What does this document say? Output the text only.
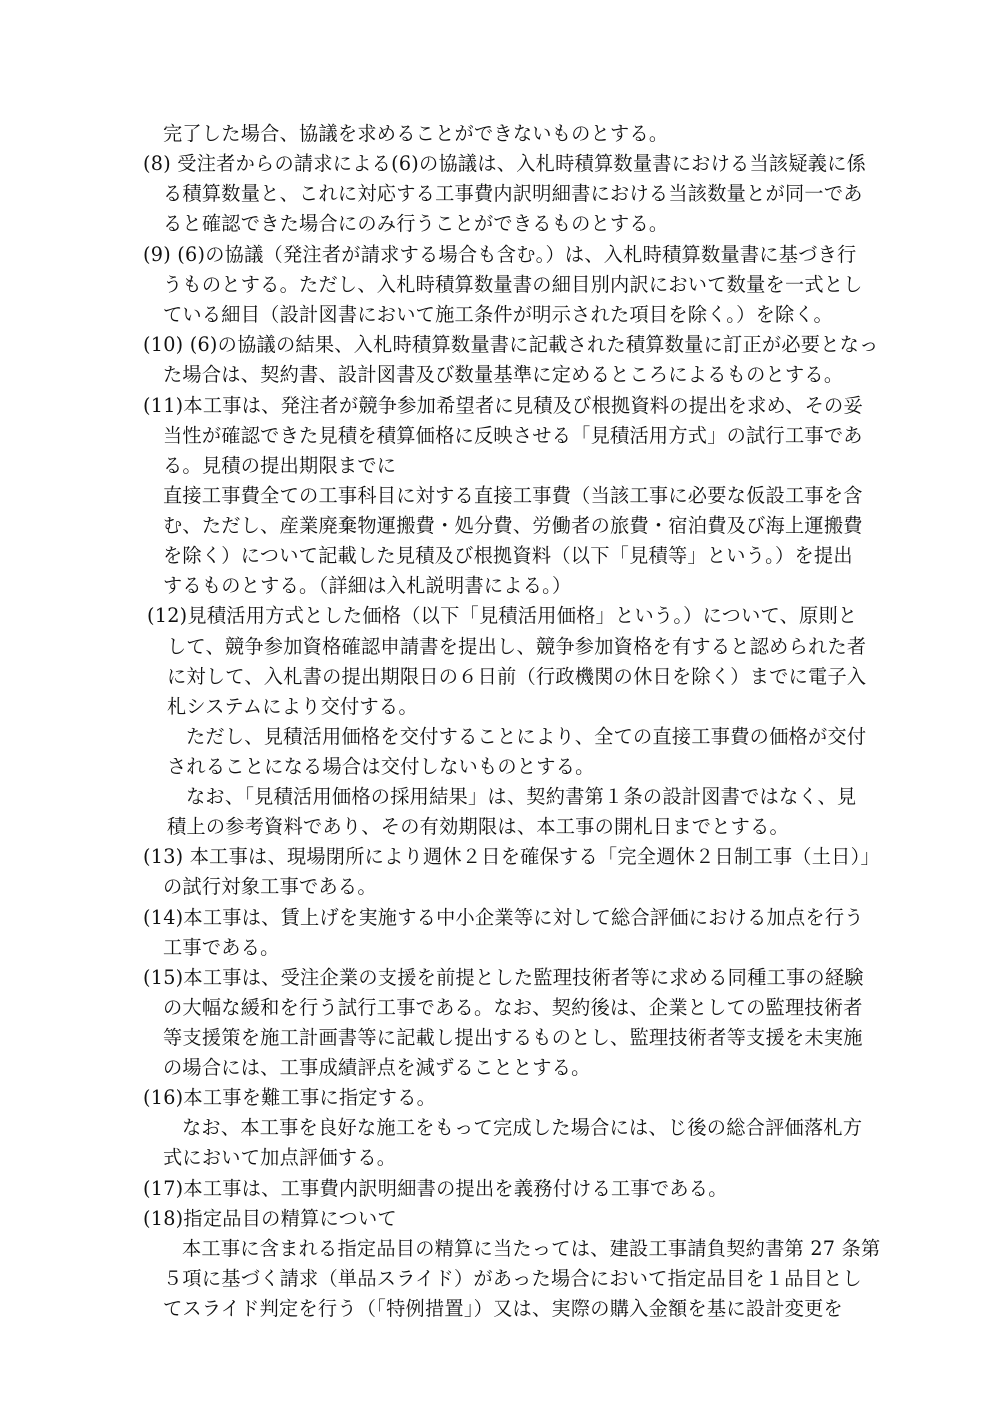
完了した場合、協議を求めることができないものとする。
(8) 受注者からの請求による(6)の協議は、入札時積算数量書における当該疑義に係
る積算数量と、これに対応する工事費内訳明細書における当該数量とが同一であ
ると確認できた場合にのみ行うことができるものとする。
(9) (6)の協議（発注者が請求する場合も含む。）は、入札時積算数量書に基づき行
うものとする。ただし、入札時積算数量書の細目別内訳において数量を一式とし
ている細目（設計図書において施工条件が明示された項目を除く。）を除く。
(10) (6)の協議の結果、入札時積算数量書に記載された積算数量に訂正が必要となっ
た場合は、契約書、設計図書及び数量基準に定めるところによるものとする。
(11)本工事は、発注者が競争参加希望者に見積及び根拠資料の提出を求め、その妥
当性が確認できた見積を積算価格に反映させる「見積活用方式」の試行工事であ
る。見積の提出期限までに
直接工事費全ての工事科目に対する直接工事費（当該工事に必要な仮設工事を含
む、ただし、産業廃棄物運搬費・処分費、労働者の旅費・宿泊費及び海上運搬費
を除く）について記載した見積及び根拠資料（以下「見積等」という。）を提出
するものとする。（詳細は入札説明書による。）
(12)見積活用方式とした価格（以下「見積活用価格」という。）について、原則と
して、競争参加資格確認申請書を提出し、競争参加資格を有すると認められた者
に対して、入札書の提出期限日の６日前（行政機関の休日を除く）までに電子入
札システムにより交付する。
ただし、見積活用価格を交付することにより、全ての直接工事費の価格が交付
されることになる場合は交付しないものとする。
なお、「見積活用価格の採用結果」は、契約書第１条の設計図書ではなく、見
積上の参考資料であり、その有効期限は、本工事の開札日までとする。
(13) 本工事は、現場閉所により週休２日を確保する「完全週休２日制工事（土日）」
の試行対象工事である。
(14)本工事は、賃上げを実施する中小企業等に対して総合評価における加点を行う
工事である。
(15)本工事は、受注企業の支援を前提とした監理技術者等に求める同種工事の経験
の大幅な緩和を行う試行工事である。なお、契約後は、企業としての監理技術者
等支援策を施工計画書等に記載し提出するものとし、監理技術者等支援を未実施
の場合には、工事成績評点を減ずることとする。
(16)本工事を難工事に指定する。
なお、本工事を良好な施工をもって完成した場合には、じ後の総合評価落札方
式において加点評価する。
(17)本工事は、工事費内訳明細書の提出を義務付ける工事である。
(18)指定品目の精算について
本工事に含まれる指定品目の精算に当たっては、建設工事請負契約書第 27 条第
５項に基づく請求（単品スライド）があった場合において指定品目を１品目とし
てスライド判定を行う（「特例措置」）又は、実際の購入金額を基に設計変更を
